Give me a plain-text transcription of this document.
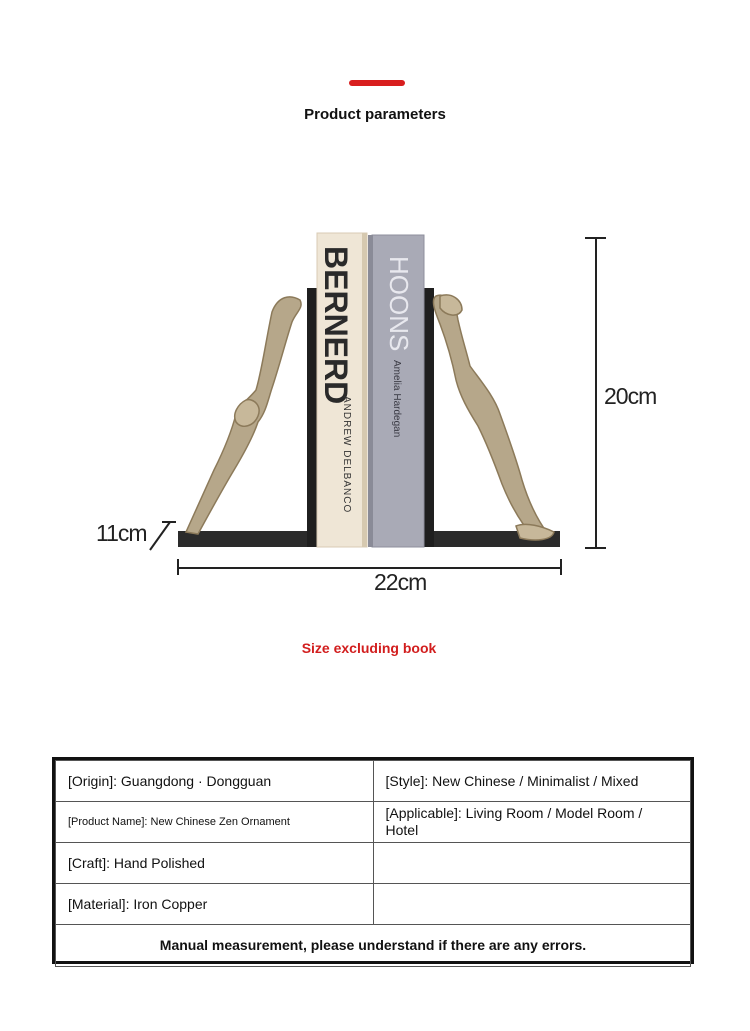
Product parameters
BERNERD
ANDREW DELBANCO
HOONS
Amelia Hardegan	20cm
22cm
11cm
Size excluding book
[Origin]: Guangdong · Dongguan	[Style]: New Chinese / Minimalist / Mixed
[Product Name]: New Chinese Zen Ornament	[Applicable]: Living Room / Model Room / Hotel
[Craft]: Hand Polished	
[Material]: Iron Copper	
Manual measurement, please understand if there are any errors.	
